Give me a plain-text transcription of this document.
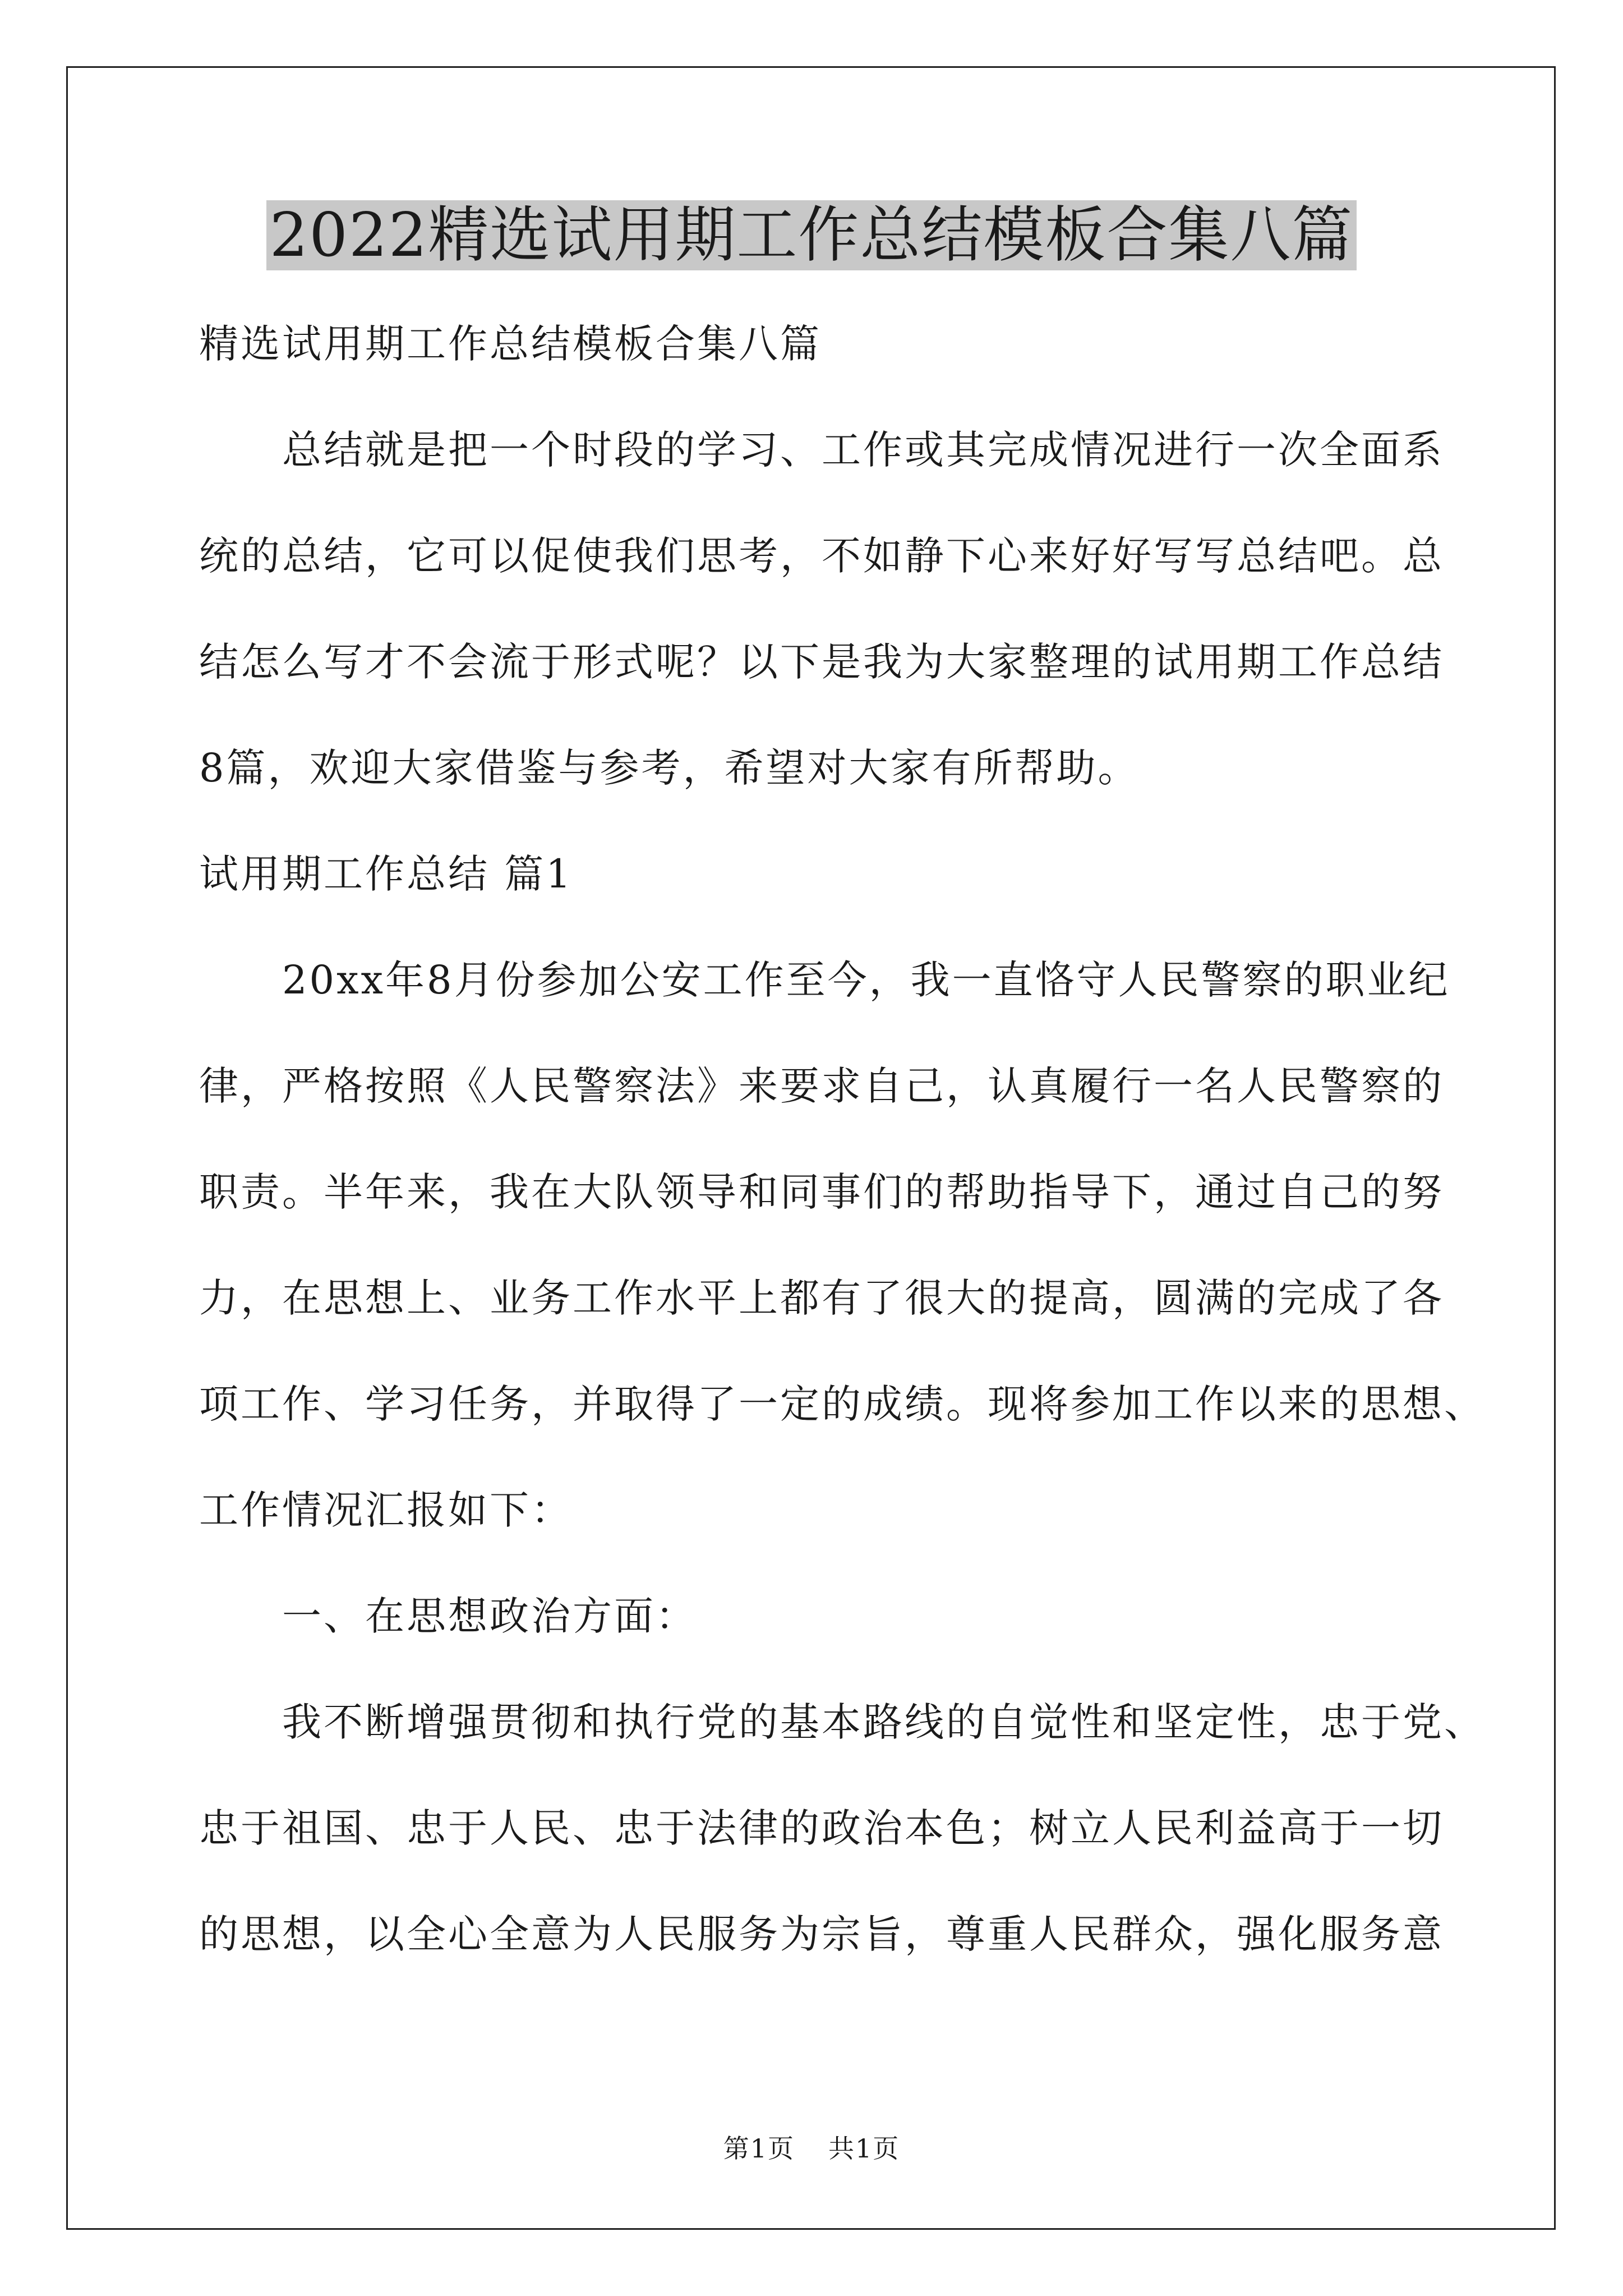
2022精选试用期工作总结模板合集八篇
精选试用期工作总结模板合集八篇
总结就是把一个时段的学习、工作或其完成情况进行一次全面系
统的总结，它可以促使我们思考，不如静下心来好好写写总结吧。总
结怎么写才不会流于形式呢？以下是我为大家整理的试用期工作总结
8篇，欢迎大家借鉴与参考，希望对大家有所帮助。
试用期工作总结 篇1
20xx年8月份参加公安工作至今，我一直恪守人民警察的职业纪
律，严格按照《人民警察法》来要求自己，认真履行一名人民警察的
职责。半年来，我在大队领导和同事们的帮助指导下，通过自己的努
力，在思想上、业务工作水平上都有了很大的提高，圆满的完成了各
项工作、学习任务，并取得了一定的成绩。现将参加工作以来的思想、
工作情况汇报如下：
一、在思想政治方面：
我不断增强贯彻和执行党的基本路线的自觉性和坚定性，忠于党、
忠于祖国、忠于人民、忠于法律的政治本色；树立人民利益高于一切
的思想，以全心全意为人民服务为宗旨，尊重人民群众，强化服务意
第1页 共1页
